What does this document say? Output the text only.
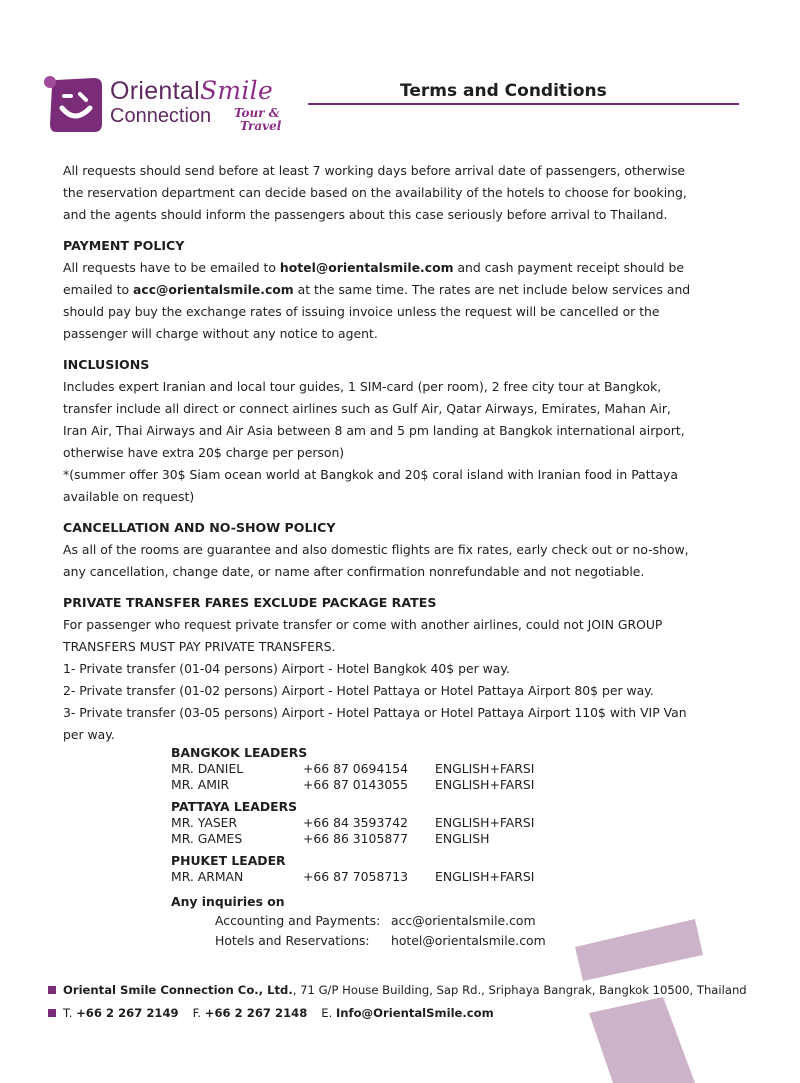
OrientalSmile
Connection Tour &
Travel
Terms and Conditions

All requests should send before at least 7 working days before arrival date of passengers, otherwise the reservation department can decide based on the availability of the hotels to choose for booking, and the agents should inform the passengers about this case seriously before arrival to Thailand.

PAYMENT POLICY

All requests have to be emailed to hotel@orientalsmile.com and cash payment receipt should be emailed to acc@orientalsmile.com at the same time. The rates are net include below services and should pay buy the exchange rates of issuing invoice unless the request will be cancelled or the passenger will charge without any notice to agent.

INCLUSIONS

Includes expert Iranian and local tour guides, 1 SIM-card (per room), 2 free city tour at Bangkok, transfer include all direct or connect airlines such as Gulf Air, Qatar Airways, Emirates, Mahan Air, Iran Air, Thai Airways and Air Asia between 8 am and 5 pm landing at Bangkok international airport, otherwise have extra 20$ charge per person)

*(summer offer 30$ Siam ocean world at Bangkok and 20$ coral island with Iranian food in Pattaya available on request)

CANCELLATION AND NO-SHOW POLICY

As all of the rooms are guarantee and also domestic flights are fix rates, early check out or no-show, any cancellation, change date, or name after confirmation nonrefundable and not negotiable.

PRIVATE TRANSFER FARES EXCLUDE PACKAGE RATES

For passenger who request private transfer or come with another airlines, could not JOIN GROUP TRANSFERS MUST PAY PRIVATE TRANSFERS.

1- Private transfer (01-04 persons) Airport - Hotel Bangkok 40$ per way.

2- Private transfer (01-02 persons) Airport - Hotel Pattaya or Hotel Pattaya Airport 80$ per way.

3- Private transfer (03-05 persons) Airport - Hotel Pattaya or Hotel Pattaya Airport 110$ with VIP Van per way.

BANGKOK LEADERS
MR. DANIEL	+66 87 0694154	ENGLISH+FARSI
MR. AMIR	+66 87 0143055	ENGLISH+FARSI
PATTAYA LEADERS
MR. YASER	+66 84 3593742	ENGLISH+FARSI
MR. GAMES	+66 86 3105877	ENGLISH
PHUKET LEADER
MR. ARMAN	+66 87 7058713	ENGLISH+FARSI
Any inquiries on
Accounting and Payments: acc@orientalsmile.com
Hotels and Reservations:	hotel@orientalsmile.com
Oriental Smile Connection Co., Ltd. , 71 G/P House Building, Sap Rd., Sriphaya Bangrak, Bangkok 10500, Thailand
T. +66 2 267 2149 F. +66 2 267 2148 E. Info@OrientalSmile.com
